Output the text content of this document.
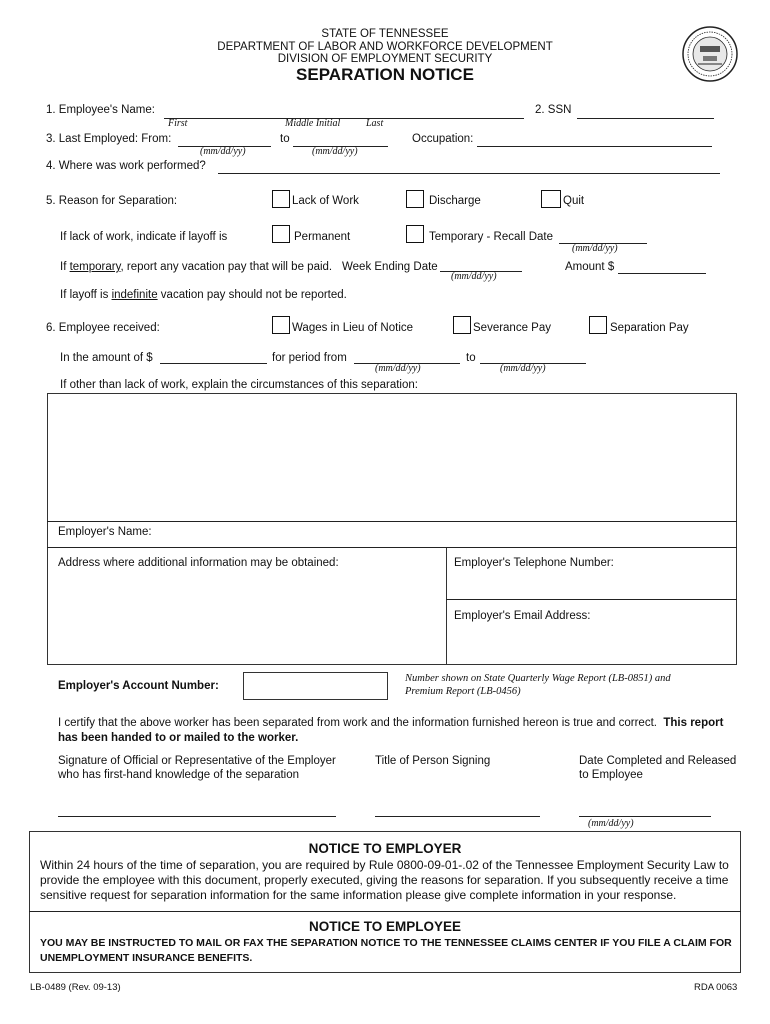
STATE OF TENNESSEE
DEPARTMENT OF LABOR AND WORKFORCE DEVELOPMENT
DIVISION OF EMPLOYMENT SECURITY
SEPARATION NOTICE
1. Employee's Name:
First	Middle Initial	Last
2. SSN
3. Last Employed: From:
(mm/dd/yy)
to
(mm/dd/yy)
Occupation:
4. Where was work performed?
5. Reason for Separation:	Lack of Work	Discharge	Quit
If lack of work, indicate if layoff is	Permanent	Temporary - Recall Date
(mm/dd/yy)
If temporary, report any vacation pay that will be paid. Week Ending Date
(mm/dd/yy)
Amount $
If layoff is indefinite vacation pay should not be reported.
6. Employee received:	Wages in Lieu of Notice	Severance Pay	Separation Pay
In the amount of $	for period from
(mm/dd/yy)
to
(mm/dd/yy)
If other than lack of work, explain the circumstances of this separation:
Employer's Name:
Address where additional information may be obtained:	Employer's Telephone Number:
Employer's Email Address:
Employer's Account Number:
Number shown on State Quarterly Wage Report (LB-0851) and
Premium Report (LB-0456)
I certify that the above worker has been separated from work and the information furnished hereon is true and correct. This report has been handed to or mailed to the worker.
Signature of Official or Representative of the Employer
who has first-hand knowledge of the separation
Title of Person Signing	Date Completed and Released
to Employee
(mm/dd/yy)
NOTICE TO EMPLOYER
Within 24 hours of the time of separation, you are required by Rule 0800-09-01-.02 of the Tennessee Employment Security Law to provide the employee with this document, properly executed, giving the reasons for separation. If you subsequently receive a time sensitive request for separation information for the same information please give complete information in your response.
NOTICE TO EMPLOYEE
YOU MAY BE INSTRUCTED TO MAIL OR FAX THE SEPARATION NOTICE TO THE TENNESSEE CLAIMS CENTER IF YOU FILE A CLAIM FOR UNEMPLOYMENT INSURANCE BENEFITS.
LB-0489 (Rev. 09-13)	RDA 0063
